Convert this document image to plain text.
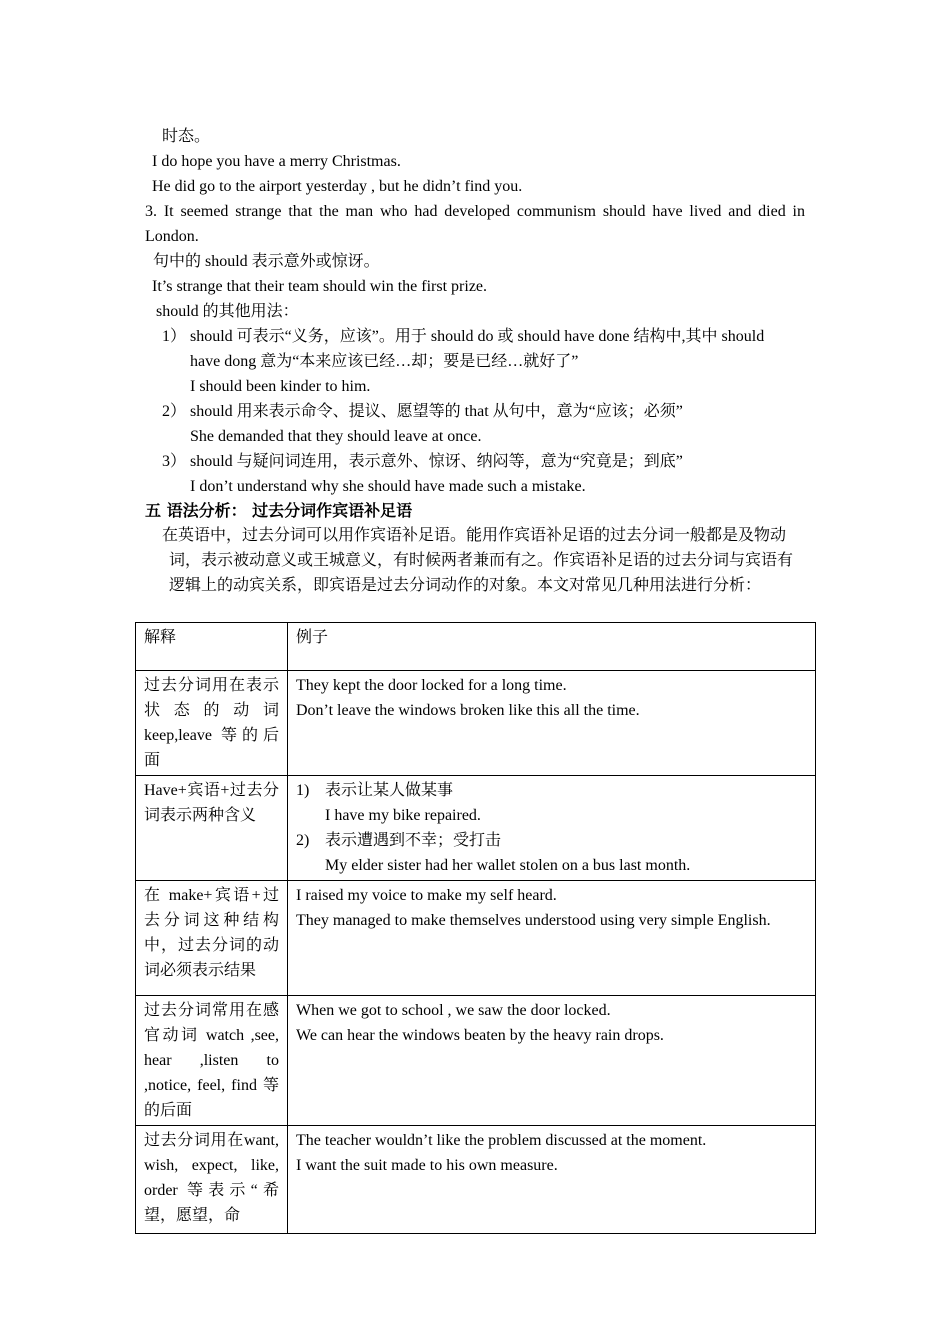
时态。
I do hope you have a merry Christmas.
He did go to the airport yesterday , but he didn’t find you.
3. It seemed strange that the man who had developed communism should have lived and died in
London.
句中的 should 表示意外或惊讶。
It’s strange that their team should win the first prize.
should 的其他用法：
1） should 可表示“义务，应该”。用于 should do 或 should have done 结构中,其中 should
have dong 意为“本来应该已经…却；要是已经…就好了”
I should been kinder to him.
2） should 用来表示命令、提议、愿望等的 that 从句中，意为“应该；必须”
She demanded that they should leave at once.
3） should 与疑问词连用，表示意外、惊讶、纳闷等，意为“究竟是；到底”
I don’t understand why she should have made such a mistake.
五 语法分析： 过去分词作宾语补足语
在英语中，过去分词可以用作宾语补足语。能用作宾语补足语的过去分词一般都是及物动
词，表示被动意义或王城意义，有时候两者兼而有之。作宾语补足语的过去分词与宾语有
逻辑上的动宾关系，即宾语是过去分词动作的对象。本文对常见几种用法进行分析：
解释	例子
过去分词用在表示状态的动词 keep,leave 等的后面	They kept the door locked for a long time.
Don’t leave the windows broken like this all the time.

Have+宾语+过去分词表示两种含义	1) 表示让某人做某事
I have my bike repaired.
2) 表示遭遇到不幸；受打击
My elder sister had her wallet stolen on a bus last month.

在 make+宾语+过去分词这种结构中，过去分词的动词必须表示结果	I raised my voice to make my self heard.
They managed to make themselves understood using very simple English.

过去分词常用在感官动词 watch ,see, hear ,listen to ,notice, feel, find 等的后面	When we got to school , we saw the door locked.
We can hear the windows beaten by the heavy rain drops.

过去分词用在want, wish, expect, like, order 等表示“希望，愿望，命	The teacher wouldn’t like the problem discussed at the moment.
I want the suit made to his own measure.
